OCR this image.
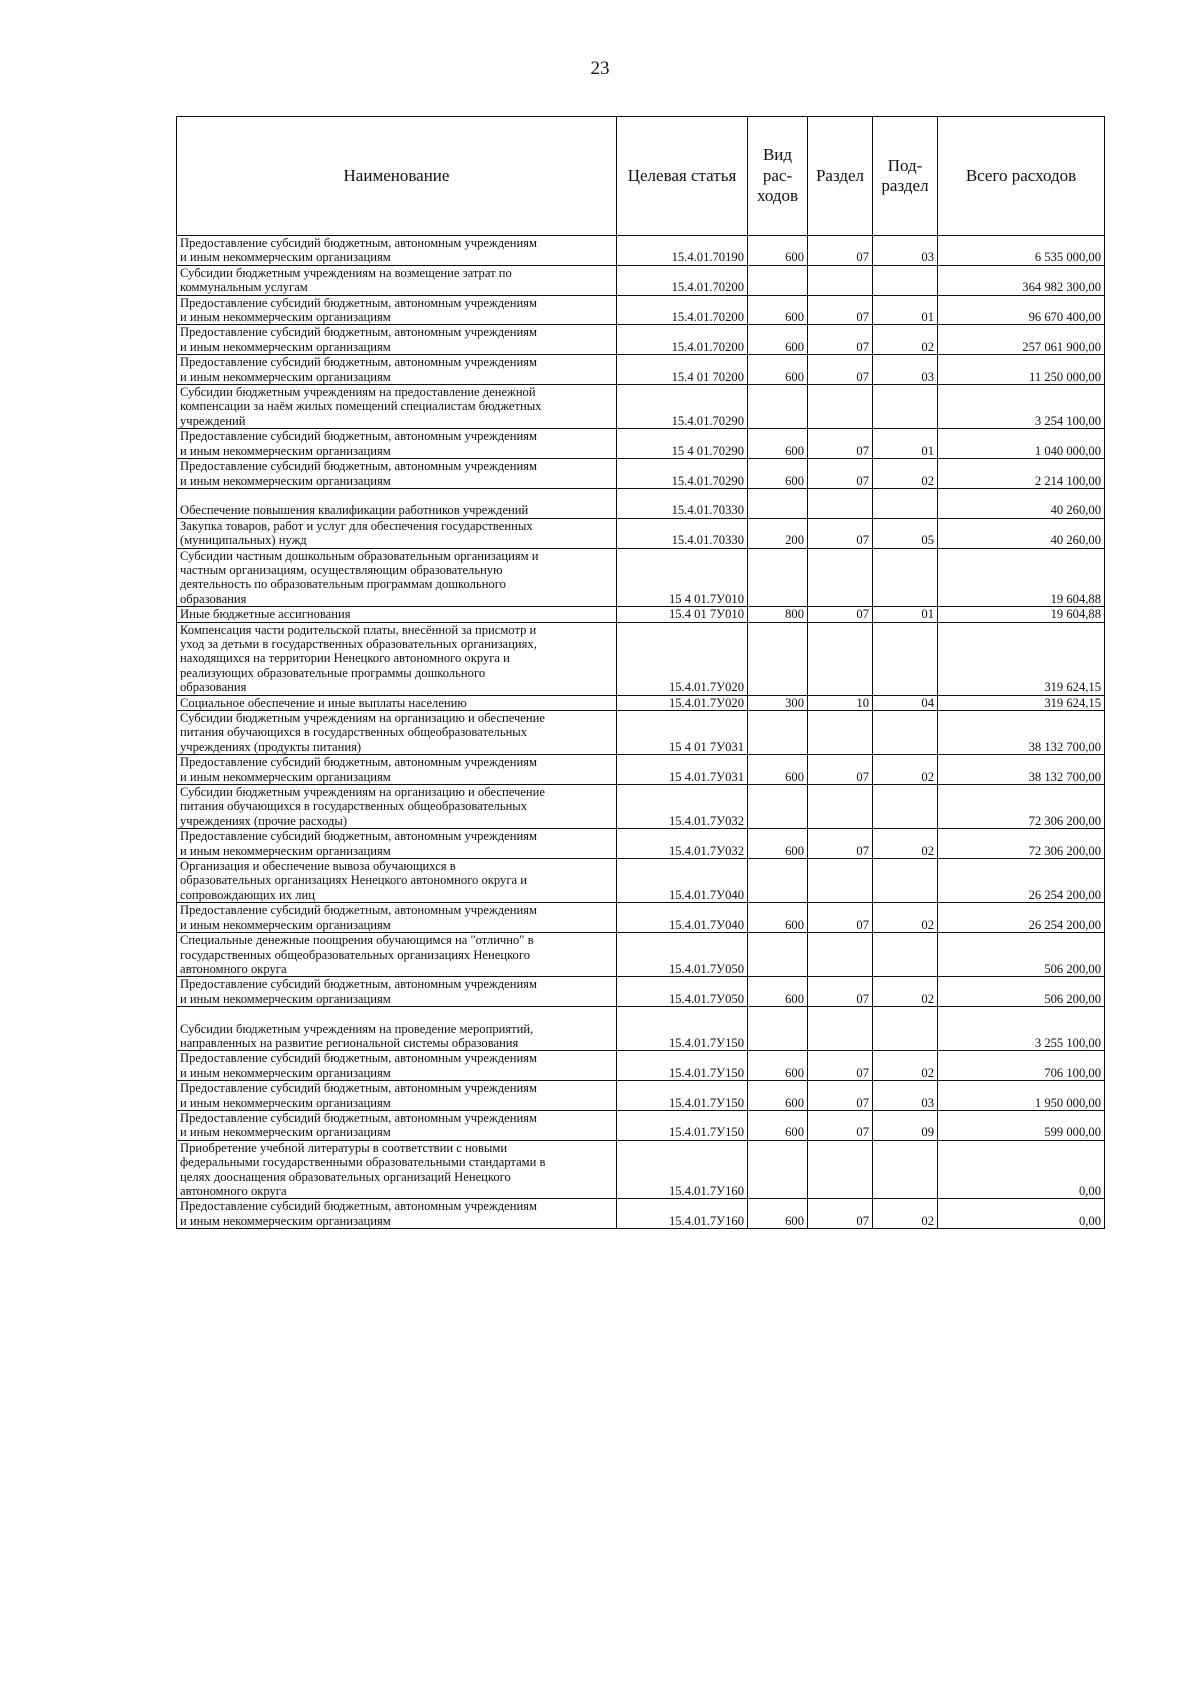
23
Наименование	Целевая статья	Вид
рас-
ходов	Раздел	Под-
раздел	Всего расходов
Предоставление субсидий бюджетным, автономным учреждениям
и иным некоммерческим организациям	15.4.01.70190	600	07	03	6 535 000,00
Субсидии бюджетным учреждениям на возмещение затрат по
коммунальным услугам	15.4.01.70200				364 982 300,00
Предоставление субсидий бюджетным, автономным учреждениям
и иным некоммерческим организациям	15.4.01.70200	600	07	01	96 670 400,00
Предоставление субсидий бюджетным, автономным учреждениям
и иным некоммерческим организациям	15.4.01.70200	600	07	02	257 061 900,00
Предоставление субсидий бюджетным, автономным учреждениям
и иным некоммерческим организациям	15.4 01 70200	600	07	03	11 250 000,00
Субсидии бюджетным учреждениям на предоставление денежной
компенсации за наём жилых помещений специалистам бюджетных
учреждений	15.4.01.70290				3 254 100,00
Предоставление субсидий бюджетным, автономным учреждениям
и иным некоммерческим организациям	15 4 01.70290	600	07	01	1 040 000,00
Предоставление субсидий бюджетным, автономным учреждениям
и иным некоммерческим организациям	15.4.01.70290	600	07	02	2 214 100,00

Обеспечение повышения квалификации работников учреждений	15.4.01.70330				40 260,00
Закупка товаров, работ и услуг для обеспечения государственных
(муниципальных) нужд	15.4.01.70330	200	07	05	40 260,00
Субсидии частным дошкольным образовательным организациям и
частным организациям, осуществляющим образовательную
деятельность по образовательным программам дошкольного
образования	15 4 01.7У010				19 604,88
Иные бюджетные ассигнования	15.4 01 7У010	800	07	01	19 604,88
Компенсация части родительской платы, внесённой за присмотр и
уход за детьми в государственных образовательных организациях,
находящихся на территории Ненецкого автономного округа и
реализующих образовательные программы дошкольного
образования	15.4.01.7У020				319 624,15
Социальное обеспечение и иные выплаты населению	15.4.01.7У020	300	10	04	319 624,15
Субсидии бюджетным учреждениям на организацию и обеспечение
питания обучающихся в государственных общеобразовательных
учреждениях (продукты питания)	15 4 01 7У031				38 132 700,00
Предоставление субсидий бюджетным, автономным учреждениям
и иным некоммерческим организациям	15 4.01.7У031	600	07	02	38 132 700,00
Субсидии бюджетным учреждениям на организацию и обеспечение
питания обучающихся в государственных общеобразовательных
учреждениях (прочие расходы)	15.4.01.7У032				72 306 200,00
Предоставление субсидий бюджетным, автономным учреждениям
и иным некоммерческим организациям	15.4.01.7У032	600	07	02	72 306 200,00
Организация и обеспечение вывоза обучающихся в
образовательных организациях Ненецкого автономного округа и
сопровождающих их лиц	15.4.01.7У040				26 254 200,00
Предоставление субсидий бюджетным, автономным учреждениям
и иным некоммерческим организациям	15.4.01.7У040	600	07	02	26 254 200,00
Специальные денежные поощрения обучающимся на "отлично" в
государственных общеобразовательных организациях Ненецкого
автономного округа	15.4.01.7У050				506 200,00
Предоставление субсидий бюджетным, автономным учреждениям
и иным некоммерческим организациям	15.4.01.7У050	600	07	02	506 200,00

Субсидии бюджетным учреждениям на проведение мероприятий,
направленных на развитие региональной системы образования	15.4.01.7У150				3 255 100,00
Предоставление субсидий бюджетным, автономным учреждениям
и иным некоммерческим организациям	15.4.01.7У150	600	07	02	706 100,00
Предоставление субсидий бюджетным, автономным учреждениям
и иным некоммерческим организациям	15.4.01.7У150	600	07	03	1 950 000,00
Предоставление субсидий бюджетным, автономным учреждениям
и иным некоммерческим организациям	15.4.01.7У150	600	07	09	599 000,00
Приобретение учебной литературы в соответствии с новыми
федеральными государственными образовательными стандартами в
целях дооснащения образовательных организаций Ненецкого
автономного округа	15.4.01.7У160				0,00
Предоставление субсидий бюджетным, автономным учреждениям
и иным некоммерческим организациям	15.4.01.7У160	600	07	02	0,00
